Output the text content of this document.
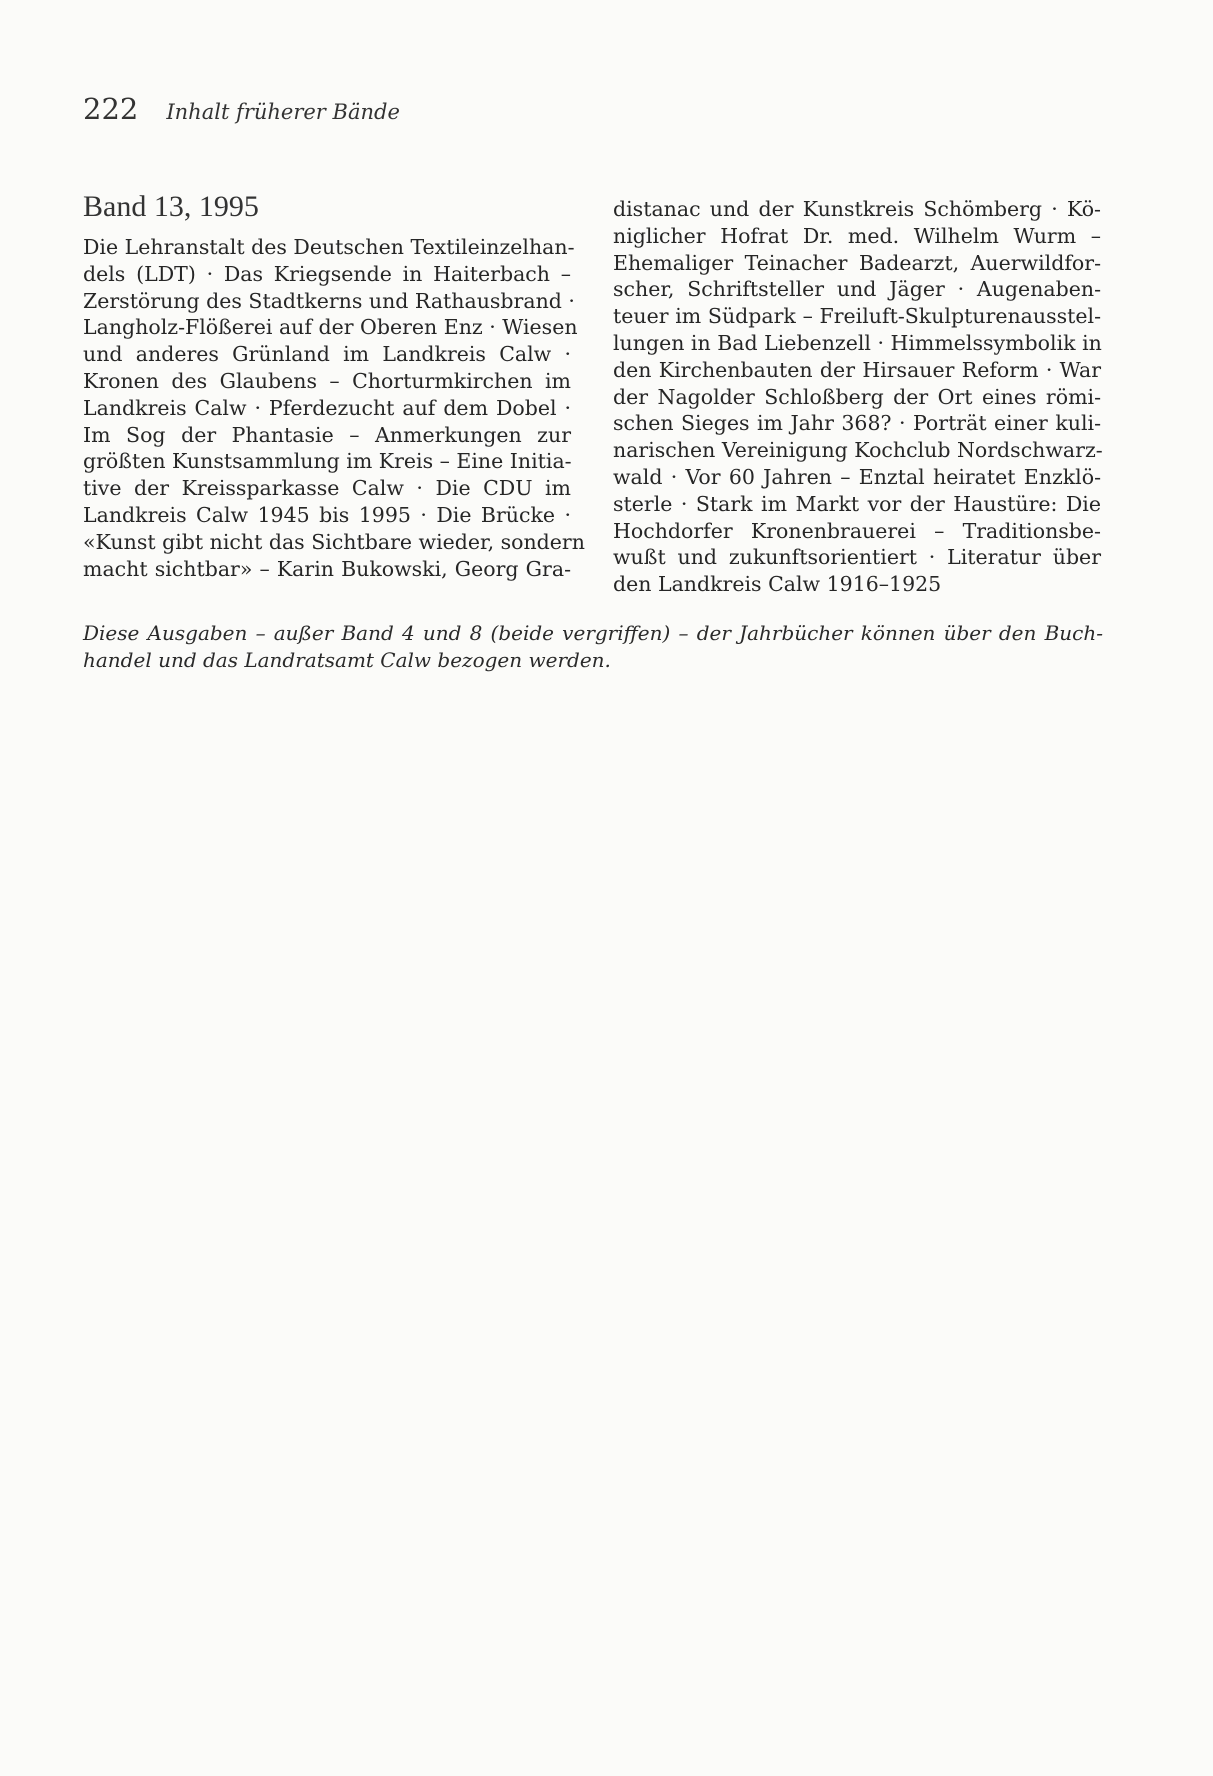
222 Inhalt früherer Bände
Band 13, 1995
Die Lehranstalt des Deutschen Textileinzelhan-
dels (LDT) · Das Kriegsende in Haiterbach –
Zerstörung des Stadtkerns und Rathausbrand ·
Langholz-Flößerei auf der Oberen Enz · Wiesen
und anderes Grünland im Landkreis Calw ·
Kronen des Glaubens – Chorturmkirchen im
Landkreis Calw · Pferdezucht auf dem Dobel ·
Im Sog der Phantasie – Anmerkungen zur
größten Kunstsammlung im Kreis – Eine Initia-
tive der Kreissparkasse Calw · Die CDU im
Landkreis Calw 1945 bis 1995 · Die Brücke ·
«Kunst gibt nicht das Sichtbare wieder, sondern
macht sichtbar» – Karin Bukowski, Georg Gra-
distanac und der Kunstkreis Schömberg · Kö-
niglicher Hofrat Dr. med. Wilhelm Wurm –
Ehemaliger Teinacher Badearzt, Auerwildfor-
scher, Schriftsteller und Jäger · Augenaben-
teuer im Südpark – Freiluft-Skulpturenausstel-
lungen in Bad Liebenzell · Himmelssymbolik in
den Kirchenbauten der Hirsauer Reform · War
der Nagolder Schloßberg der Ort eines römi-
schen Sieges im Jahr 368? · Porträt einer kuli-
narischen Vereinigung Kochclub Nordschwarz-
wald · Vor 60 Jahren – Enztal heiratet Enzklö-
sterle · Stark im Markt vor der Haustüre: Die
Hochdorfer Kronenbrauerei – Traditionsbe-
wußt und zukunftsorientiert · Literatur über
den Landkreis Calw 1916–1925
Diese Ausgaben – außer Band 4 und 8 (beide vergriffen) – der Jahrbücher können über den Buch-
handel und das Landratsamt Calw bezogen werden.
